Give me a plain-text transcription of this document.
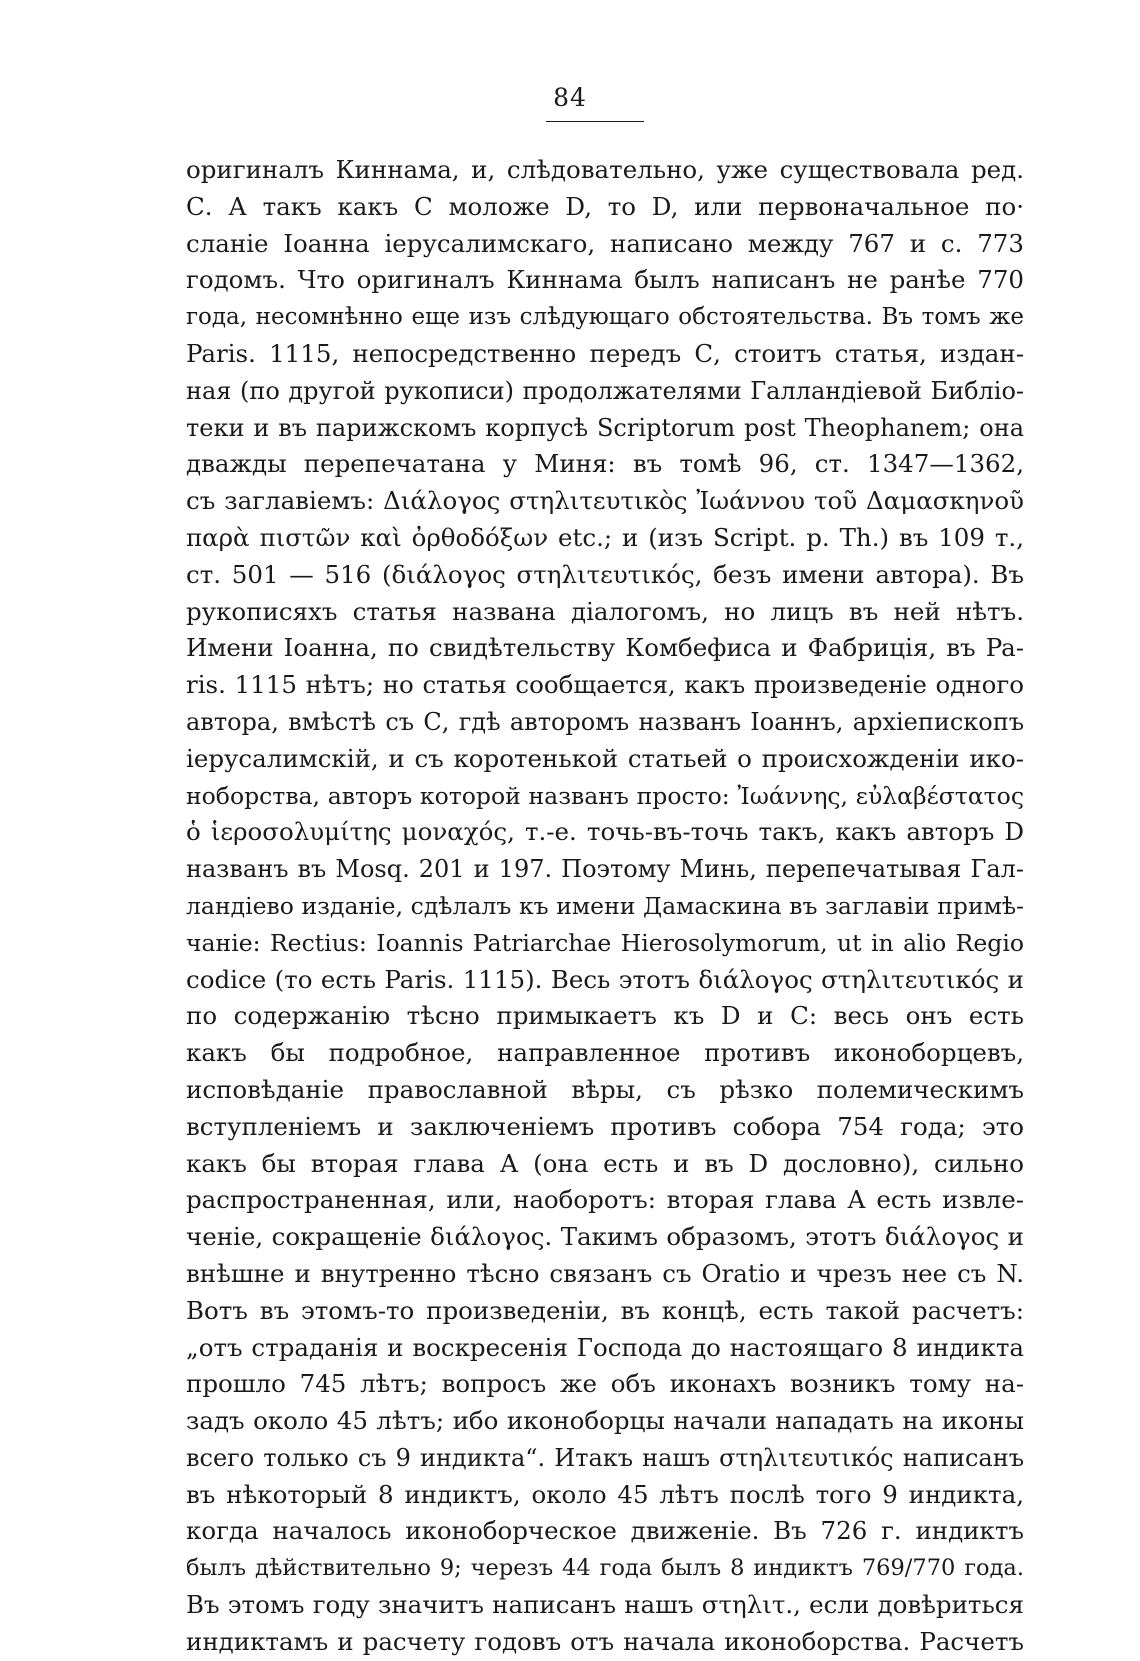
84
оригиналъ Киннама, и, слѣдовательно, уже существовала ред.
С. А такъ какъ С моложе D, то D, или первоначальное по·
сланіе Іоанна іерусалимскаго, написано между 767 и с. 773
годомъ. Что оригиналъ Киннама былъ написанъ не ранѣе 770
года, несомнѣнно еще изъ слѣдующаго обстоятельства. Въ томъ же
Paris. 1115, непосредственно передъ С, стоитъ статья, издан-
ная (по другой рукописи) продолжателями Галландіевой Библіо-
теки и въ парижскомъ корпусѣ Scriptorum post Theophanem; она
дважды перепечатана у Миня: въ томѣ 96, ст. 1347—1362,
съ заглавіемъ: Διάλογος στηλιτευτικὸς Ἰωάννου τοῦ Δαμασκηνοῦ
παρὰ πιστῶν καὶ ὀρθοδόξων etc.; и (изъ Script. p. Th.) въ 109 т.,
ст. 501 — 516 (διάλογος στηλιτευτικός, безъ имени автора). Въ
рукописяхъ статья названа діалогомъ, но лицъ въ ней нѣтъ.
Имени Іоанна, по свидѣтельству Комбефиса и Фабриція, въ Pa-
ris. 1115 нѣтъ; но статья сообщается, какъ произведеніе одного
автора, вмѣстѣ съ С, гдѣ авторомъ названъ Іоаннъ, архіепископъ
іерусалимскій, и съ коротенькой статьей о происхожденіи ико-
ноборства, авторъ которой названъ просто: Ἰωάννης, εὐλαβέστατος
ὁ ἱεροσολυμίτης μοναχός, т.-е. точь-въ-точь такъ, какъ авторъ D
названъ въ Mosq. 201 и 197. Поэтому Минь, перепечатывая Гал-
ландіево изданіе, сдѣлалъ къ имени Дамаскина въ заглавіи примѣ-
чаніе: Rectius: Ioannis Patriarchae Hierosolymorum, ut in alio Regio
codice (то есть Paris. 1115). Весь этотъ διάλογος στηλιτευτικός и
по содержанію тѣсно примыкаетъ къ D и С: весь онъ есть
какъ бы подробное, направленное противъ иконоборцевъ,
исповѣданіе православной вѣры, съ рѣзко полемическимъ
вступленіемъ и заключеніемъ противъ собора 754 года; это
какъ бы вторая глава А (она есть и въ D дословно), сильно
распространенная, или, наоборотъ: вторая глава А есть извле-
ченіе, сокращеніе διάλογος. Такимъ образомъ, этотъ διάλογος и
внѣшне и внутренно тѣсно связанъ съ Oratio и чрезъ нее съ N.
Вотъ въ этомъ-то произведеніи, въ концѣ, есть такой расчетъ:
„отъ страданія и воскресенія Господа до настоящаго 8 индикта
прошло 745 лѣтъ; вопросъ же объ иконахъ возникъ тому на-
задъ около 45 лѣтъ; ибо иконоборцы начали нападать на иконы
всего только съ 9 индикта“. Итакъ нашъ στηλιτευτικός написанъ
въ нѣкоторый 8 индиктъ, около 45 лѣтъ послѣ того 9 индикта,
когда началось иконоборческое движеніе. Въ 726 г. индиктъ
былъ дѣйствительно 9; черезъ 44 года былъ 8 индиктъ 769/770 года.
Въ этомъ году значитъ написанъ нашъ στηλιτ., если довѣриться
индиктамъ и расчету годовъ отъ начала иконоборства. Расчетъ
